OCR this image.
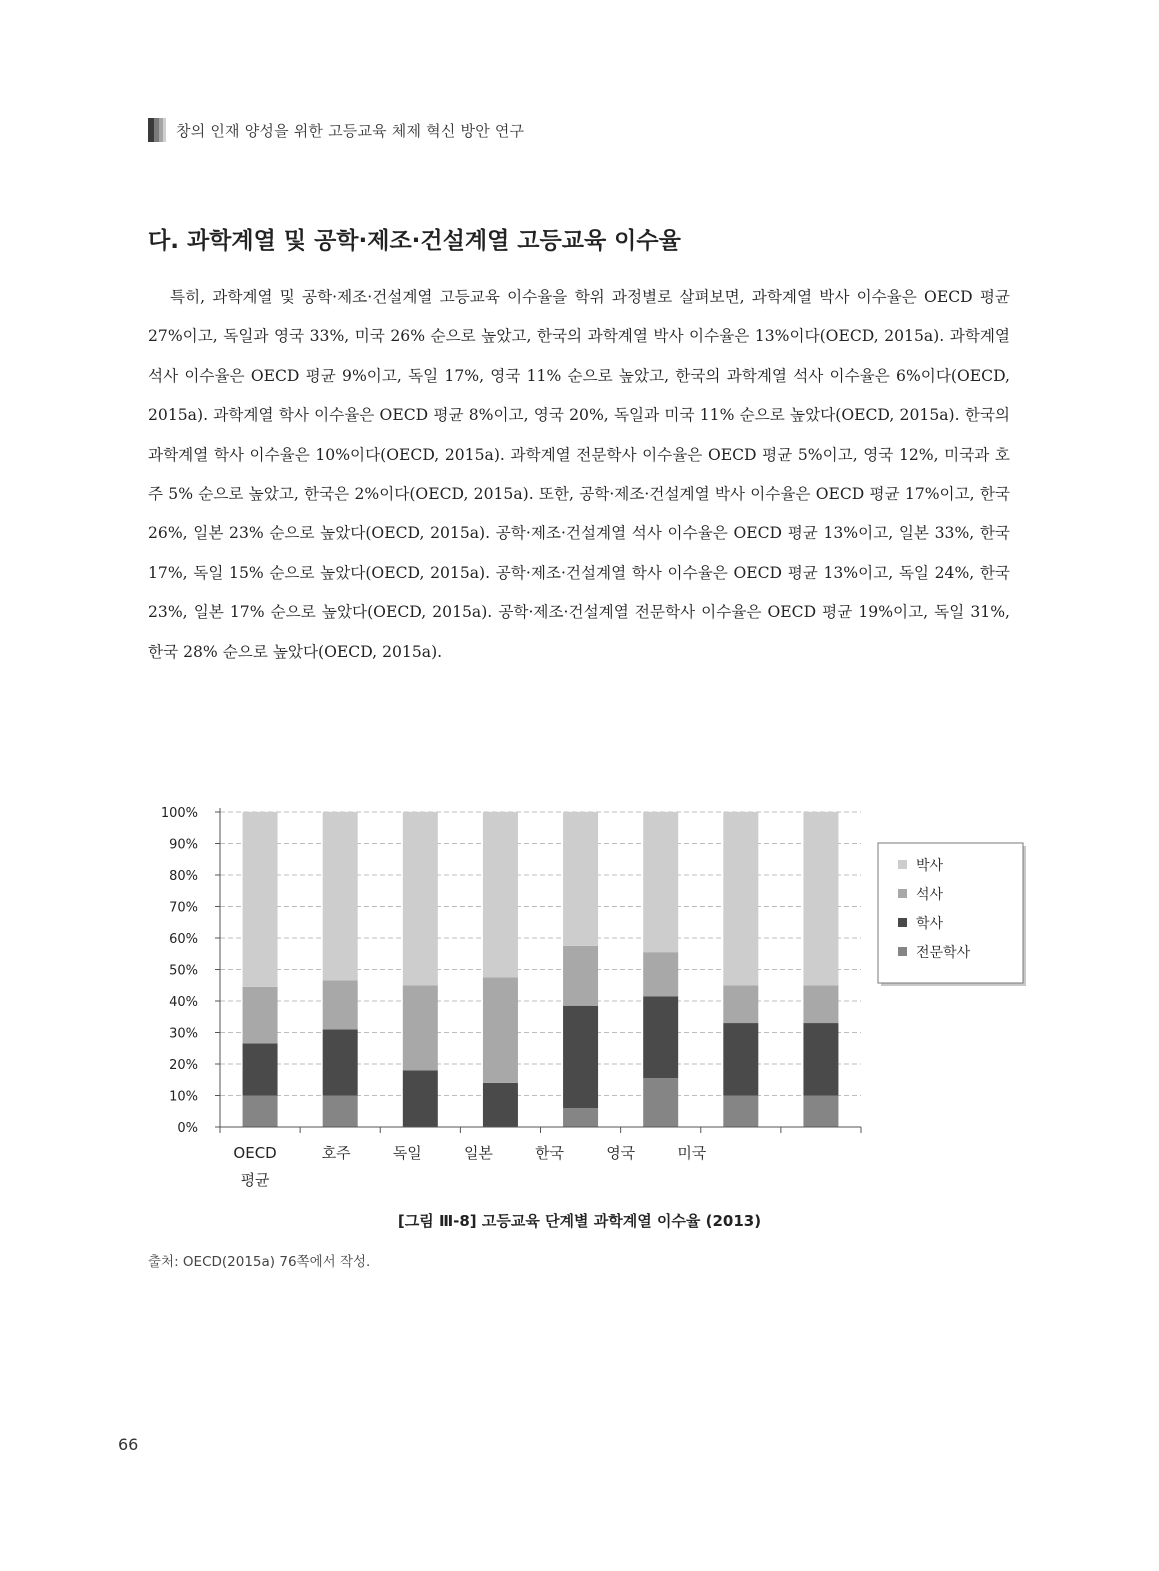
창의 인재 양성을 위한 고등교육 체제 혁신 방안 연구
다. 과학계열 및 공학·제조·건설계열 고등교육 이수율

특히, 과학계열 및 공학·제조·건설계열 고등교육 이수율을 학위 과정별로 살펴보면, 과학계열 박사 이수율은 OECD 평균 27%이고, 독일과 영국 33%, 미국 26% 순으로 높았고, 한국의 과학계열 박사 이수율은 13%이다(OECD, 2015a). 과학계열 석사 이수율은 OECD 평균 9%이고, 독일 17%, 영국 11% 순으로 높았고, 한국의 과학계열 석사 이수율은 6%이다(OECD, 2015a). 과학계열 학사 이수율은 OECD 평균 8%이고, 영국 20%, 독일과 미국 11% 순으로 높았다(OECD, 2015a). 한국의 과학계열 학사 이수율은 10%이다(OECD, 2015a). 과학계열 전문학사 이수율은 OECD 평균 5%이고, 영국 12%, 미국과 호주 5% 순으로 높았고, 한국은 2%이다(OECD, 2015a). 또한, 공학·제조·건설계열 박사 이수율은 OECD 평균 17%이고, 한국 26%, 일본 23% 순으로 높았다(OECD, 2015a). 공학·제조·건설계열 석사 이수율은 OECD 평균 13%이고, 일본 33%, 한국 17%, 독일 15% 순으로 높았다(OECD, 2015a). 공학·제조·건설계열 학사 이수율은 OECD 평균 13%이고, 독일 24%, 한국 23%, 일본 17% 순으로 높았다(OECD, 2015a). 공학·제조·건설계열 전문학사 이수율은 OECD 평균 19%이고, 독일 31%, 한국 28% 순으로 높았다(OECD, 2015a).

0%
10%
20%
30%
40%
50%
60%
70%
80%
90%
100%
OECD
평균
호주	독일	일본	한국	영국	미국
박사
석사
학사
전문학사
[그림 Ⅲ-8] 고등교육 단계별 과학계열 이수율 (2013)
출처: OECD(2015a) 76쪽에서 작성.
66
